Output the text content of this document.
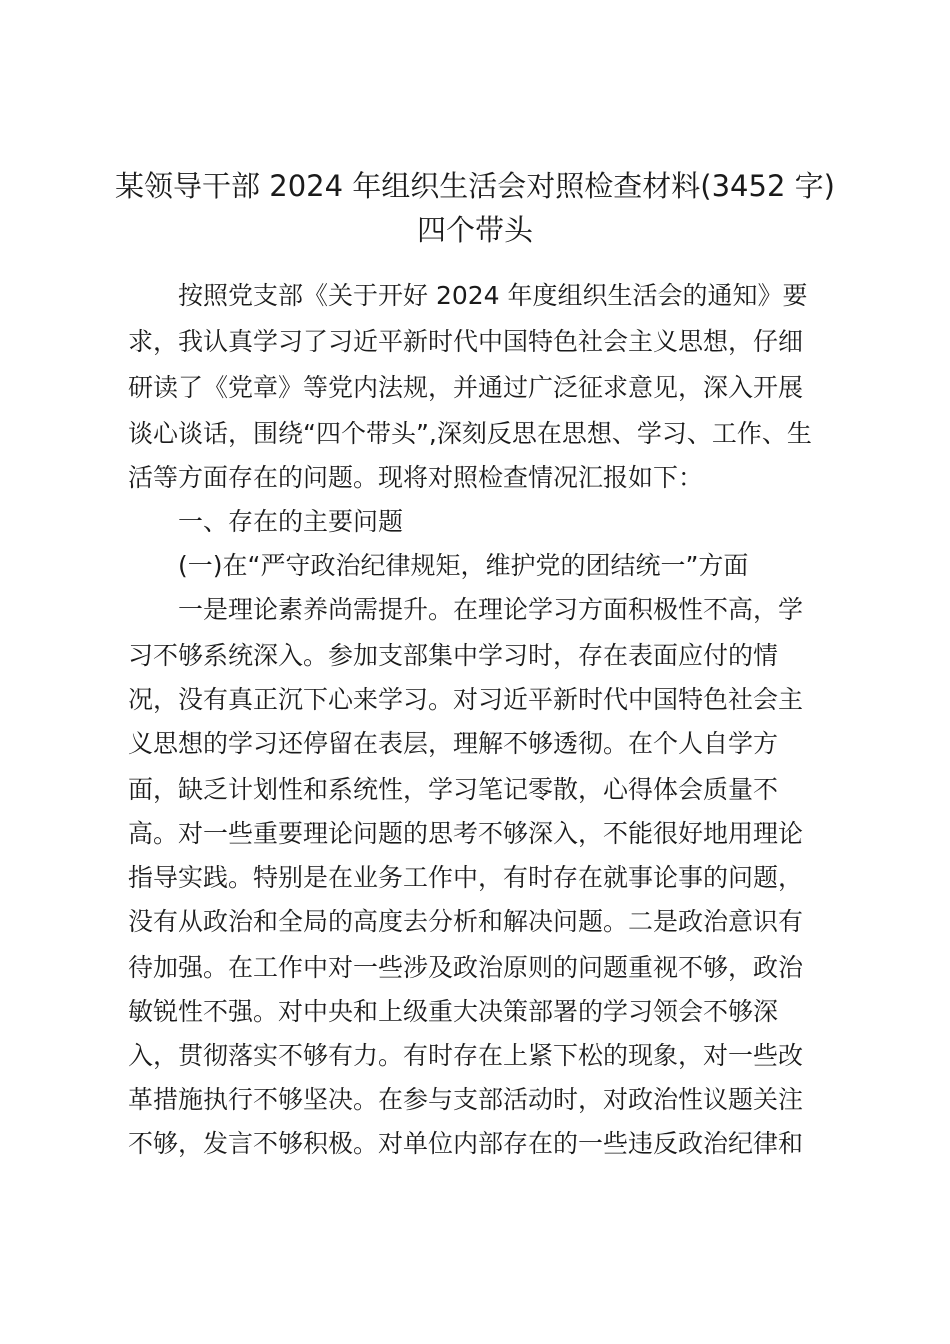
某领导干部 2024 年组织生活会对照检查材料(3452 字)
四个带头

按照党支部《关于开好 2024 年度组织生活会的通知》要

求，我认真学习了习近平新时代中国特色社会主义思想，仔细

研读了《党章》等党内法规，并通过广泛征求意见，深入开展

谈心谈话，围绕“四个带头”,深刻反思在思想、学习、工作、生

活等方面存在的问题。现将对照检查情况汇报如下：

一、存在的主要问题

(一)在“严守政治纪律规矩，维护党的团结统一”方面

一是理论素养尚需提升。在理论学习方面积极性不高，学

习不够系统深入。参加支部集中学习时，存在表面应付的情

况，没有真正沉下心来学习。对习近平新时代中国特色社会主

义思想的学习还停留在表层，理解不够透彻。在个人自学方

面，缺乏计划性和系统性，学习笔记零散，心得体会质量不

高。对一些重要理论问题的思考不够深入，不能很好地用理论

指导实践。特别是在业务工作中，有时存在就事论事的问题，

没有从政治和全局的高度去分析和解决问题。二是政治意识有

待加强。在工作中对一些涉及政治原则的问题重视不够，政治

敏锐性不强。对中央和上级重大决策部署的学习领会不够深

入，贯彻落实不够有力。有时存在上紧下松的现象，对一些改

革措施执行不够坚决。在参与支部活动时，对政治性议题关注

不够，发言不够积极。对单位内部存在的一些违反政治纪律和
